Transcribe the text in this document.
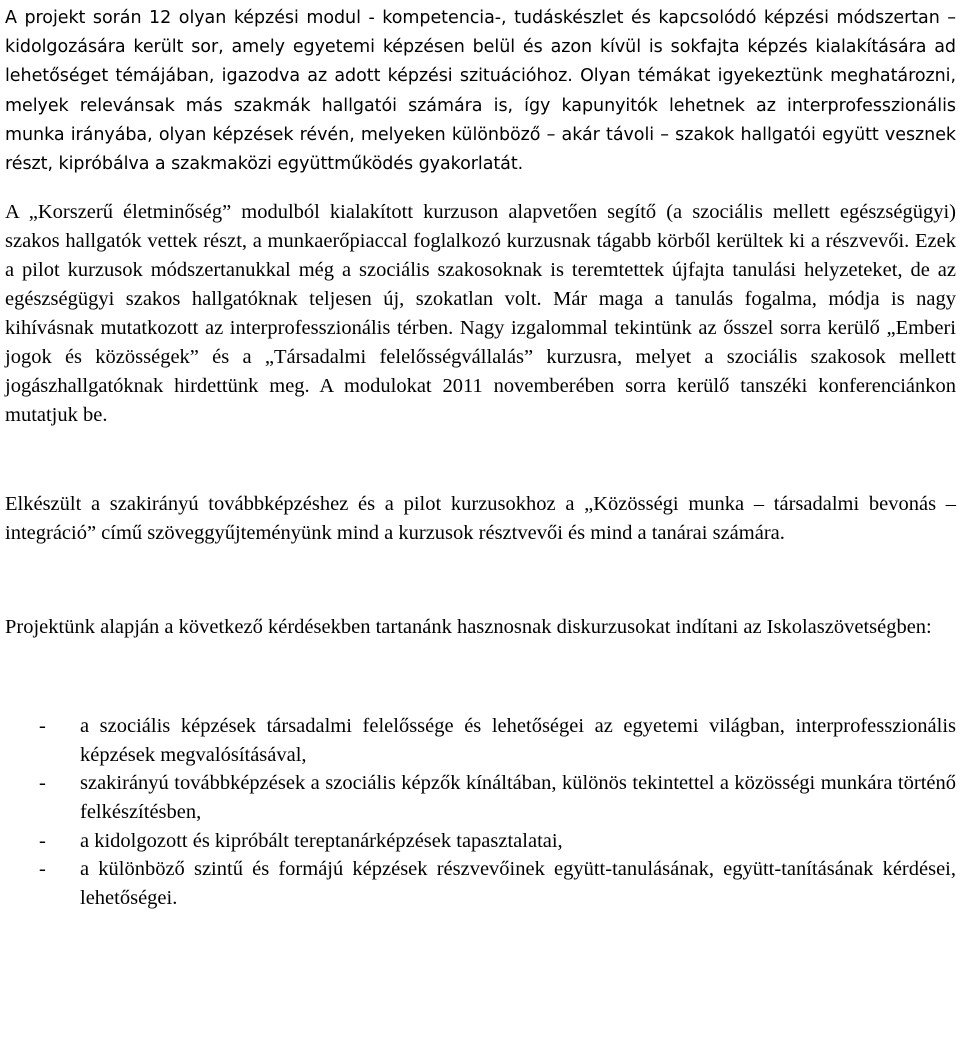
A projekt során 12 olyan képzési modul - kompetencia-, tudáskészlet és kapcsolódó képzési módszertan – kidolgozására került sor, amely egyetemi képzésen belül és azon kívül is sokfajta képzés kialakítására ad lehetőséget témájában, igazodva az adott képzési szituációhoz. Olyan témákat igyekeztünk meghatározni, melyek relevánsak más szakmák hallgatói számára is, így kapunyitók lehetnek az interprofesszionális munka irányába, olyan képzések révén, melyeken különböző – akár távoli – szakok hallgatói együtt vesznek részt, kipróbálva a szakmaközi együttműködés gyakorlatát.

A „Korszerű életminőség” modulból kialakított kurzuson alapvetően segítő (a szociális mellett egészségügyi) szakos hallgatók vettek részt, a munkaerőpiaccal foglalkozó kurzusnak tágabb körből kerültek ki a részvevői. Ezek a pilot kurzusok módszertanukkal még a szociális szakosoknak is teremtettek újfajta tanulási helyzeteket, de az egészségügyi szakos hallgatóknak teljesen új, szokatlan volt. Már maga a tanulás fogalma, módja is nagy kihívásnak mutatkozott az interprofesszionális térben. Nagy izgalommal tekintünk az ősszel sorra kerülő „Emberi jogok és közösségek” és a „Társadalmi felelősségvállalás” kurzusra, melyet a szociális szakosok mellett jogászhallgatóknak hirdettünk meg. A modulokat 2011 novemberében sorra kerülő tanszéki konferenciánkon mutatjuk be.

Elkészült a szakirányú továbbképzéshez és a pilot kurzusokhoz a „Közösségi munka – társadalmi bevonás – integráció” című szöveggyűjteményünk mind a kurzusok résztvevői és mind a tanárai számára.

Projektünk alapján a következő kérdésekben tartanánk hasznosnak diskurzusokat indítani az Iskolaszövetségben:

- a szociális képzések társadalmi felelőssége és lehetőségei az egyetemi világban, interprofesszionális képzések megvalósításával,
- szakirányú továbbképzések a szociális képzők kínáltában, különös tekintettel a közösségi munkára történő felkészítésben,
- a kidolgozott és kipróbált tereptanárképzések tapasztalatai,
- a különböző szintű és formájú képzések részvevőinek együtt-tanulásának, együtt-tanításának kérdései, lehetőségei.
